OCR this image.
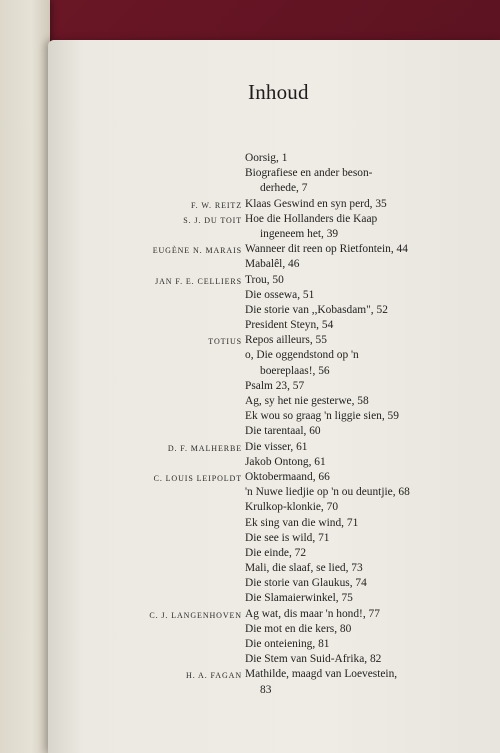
Inhoud
Oorsig, 1
Biografiese en ander beson-
derhede, 7
F. W. REITZ Klaas Geswind en syn perd, 35
S. J. DU TOIT Hoe die Hollanders die Kaap
ingeneem het, 39
EUGÈNE N. MARAIS Wanneer dit reen op Rietfontein, 44
Mabalêl, 46
JAN F. E. CELLIERS Trou, 50
Die ossewa, 51
Die storie van ,,Kobasdam", 52
President Steyn, 54
TOTIUS Repos ailleurs, 55
o, Die oggendstond op 'n
boereplaas!, 56
Psalm 23, 57
Ag, sy het nie gesterwe, 58
Ek wou so graag 'n liggie sien, 59
Die tarentaal, 60
D. F. MALHERBE Die visser, 61
Jakob Ontong, 61
C. LOUIS LEIPOLDT Oktobermaand, 66
'n Nuwe liedjie op 'n ou deuntjie, 68
Krulkop-klonkie, 70
Ek sing van die wind, 71
Die see is wild, 71
Die einde, 72
Mali, die slaaf, se lied, 73
Die storie van Glaukus, 74
Die Slamaierwinkel, 75
C. J. LANGENHOVEN Ag wat, dis maar 'n hond!, 77
Die mot en die kers, 80
Die onteiening, 81
Die Stem van Suid-Afrika, 82
H. A. FAGAN Mathilde, maagd van Loevestein,
83
